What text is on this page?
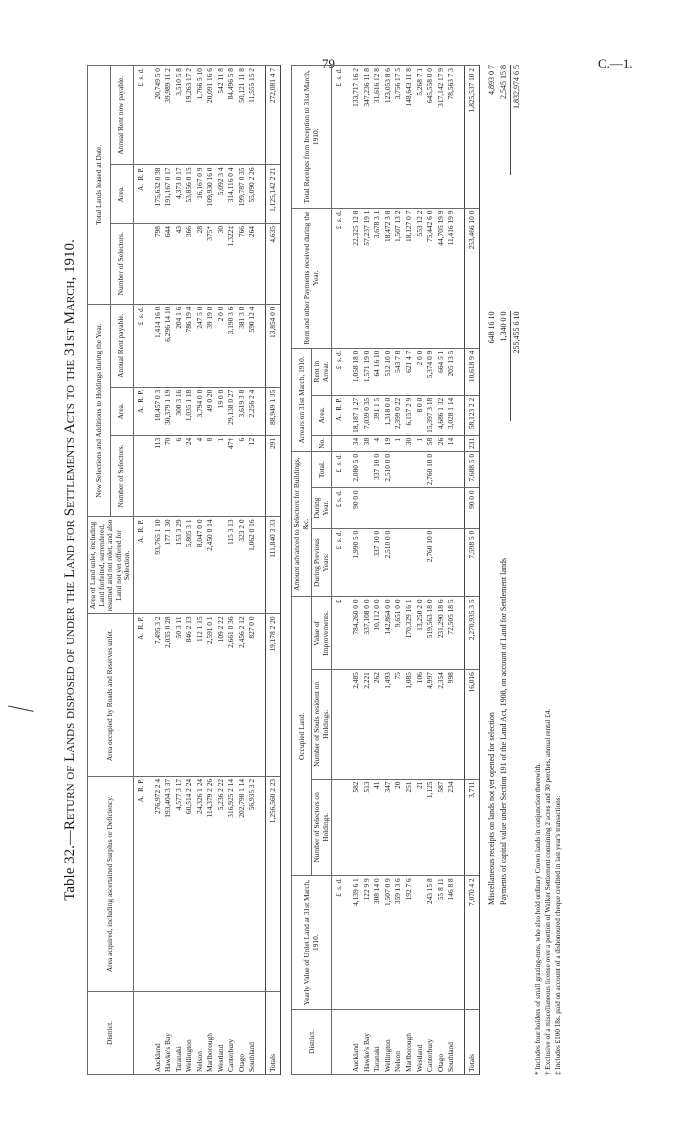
79	C.—1.
Table 32.—Return of Lands disposed of under the Land for Settlements Acts to the 31st March, 1910.
District.	Area acquired, including ascertained Surplus or Deficiency.	Area occupied by Roads and Reserves unlet.	Area of Land unlet, including Land forfeited, surrendered, resumed and not relet, and also Land not yet offered for Selection.	New Selections and Additions to Holdings during the Year.			Total Lands leased at Date.		
				Number of Selectors.	Area.	Annual Rent payable.	Number of Selectors.	Area.	Annual Rent now payable.
	A.  R. P.	A.  R. P.	A.  R. P.		A.  R. P.	£  s. d.		A.  R. P.	£  s. d.

Auckland	276,972 2 4	7,495 3 2	93,765 1 10	113	18,457 0 3	1,414 16 0	798	175,632 0 38	20,749 5 0
Hawke's Bay	193,404 3 37	2,035 0 28	177 1 30	70	30,379 1 19	6,296 14 10	644	191,167 0 17	39,989 11 2
Taranaki	4,577 3 17	50 3 11	153 3 29	6	300 3 16	204 1 6	43	4,373 0 17	3,510 5 8
Wellington	60,514 2 24	846 2 13	5,805 3 1	24	1,035 1 18	786 19 4	366	53,856 0 15	19,263 17 2
Nelson	24,326 1 24	112 1 15	8,047 0 0	4	3,794 0 0	247 5 0	28	16,167 0 9	1,766 5 10
Marlborough	114,379 2 26	2,591 0 1	2,450 0 14	8	49 0 20	39 19 0	375*	109,930 16 0	20,091 16 6
Westland	5,236 2 22	109 2 22		1	19 0 0	2 0 0	30	5,092 3 4	542 11 8
Canterbury	316,925 2 14	2,661 0 36	115 3 13	47†	29,138 0 27	3,190 3 6	1,322‡	314,116 0 4	84,496 5 8
Otago	202,798 1 14	2,456 2 12	323 2 0	6	3,619 3 8	381 3 0	766	199,787 0 35	50,121 11 8
Southland	56,935 3 2	827 0 0	1,062 0 16	12	2,256 2 4	590 12 4	264	55,090 2 26	11,555 15 2

Totals	1,256,560 2 23	19,178 2 20	111,840 3 33	291	88,949 1 35	13,854 0 0	4,635	1,125,142 2 21	272,081 4 7
District.	Yearly Value of Unlet Land at 31st March, 1910.	Occupied Land.			Amount advanced to Selectors for Buildings, &c.			Arrears on 31st March, 1910.			Rent and other Payments received during the Year.	Total Receipts from Inception to 31st March, 1910.
		Number of Selectors on Holdings.	Number of Souls resident on Holdings.	Value of Improvements.	During Previous Years.	During Year.	Total.	No.	Area.	Rent in Arrear.		
	£  s. d.			£	£  s. d.	£ s. d.	£  s. d.		A.  R. P.	£  s. d.	£  s. d.	£  s. d.

Auckland	4,139 6 1	582	2,485	784,260 0 0	1,990 5 0	90 0 0	2,080 5 0	34	18,187 1 27	1,058 18 0	22,325 12 8	133,717 16 2
Hawke's Bay	122 9 9	513	2,221	337,108 0 0				38	7,039 0 35	1,571 19 0	57,237 19 1	347,236 11 8
Taranaki	308 14 0	41	262	10,112 0 0	337 10 0		337 10 0	4	391 1 5	64 16 10	3,678 3 1	31,616 12 8
Wellington	1,507 0 9	347	1,493	142,864 0 0	2,510 0 0		2,510 0 0	19	1,318 0 0	512 10 0	18,472 3 8	123,053 8 6
Nelson	359 13 6	20	75	9,651 0 0				1	2,399 0 22	543 7 8	1,507 13 2	3,756 17 5
Marlborough	192 7 6	251	1,085	170,329 16 1				30	6,157 2 9	621 4 7	18,127 0 7	148,643 11 8
Westland		21	106	13,250 2 0				1	8 0 0	2 0 0	553 12 2	5,268 7 1
Canterbury	243 15 8	1,125	4,997	519,563 18 0	2,760 10 0		2,760 10 0	58	15,397 3 18	5,374 0 9	75,442 6 0	645,558 0 0
Otago	55 8 11	587	2,354	231,290 18 6				26	4,686 1 32	664 5 1	44,705 19 9	317,142 17 9
Southland	146 8 8	234	998	72,505 18 5				14	3,028 1 14	205 13 5	11,416 19 9	78,563 7 3

Totals	7,070 4 2	3,711	16,016	2,270,935 3 5	7,598 5 0	90 0 0	7,688 5 0	231	58,123 2 2	10,618 9 4	253,466 10 0	1,825,537 10 2
Miscellaneous receipts on lands not yet opened for selection Payments of capital value under Section 191 of the Land Act, 1908, on account of Land for Settlement lands
648 16 10 1,340 0 0 255,455 6 10
4,893 0 7 2,545 15 8 1,832,974 6 5
* Includes four holders of small grazing-runs, who also hold ordinary Crown lands in conjunction therewith. † Exclusive of a miscellaneous license over a portion of Walker Settlement containing 2 acres and 30 perches, annual rental £4. ‡ Includes £100 18s. paid on account of a dishonoured cheque credited in last year's transactions.
